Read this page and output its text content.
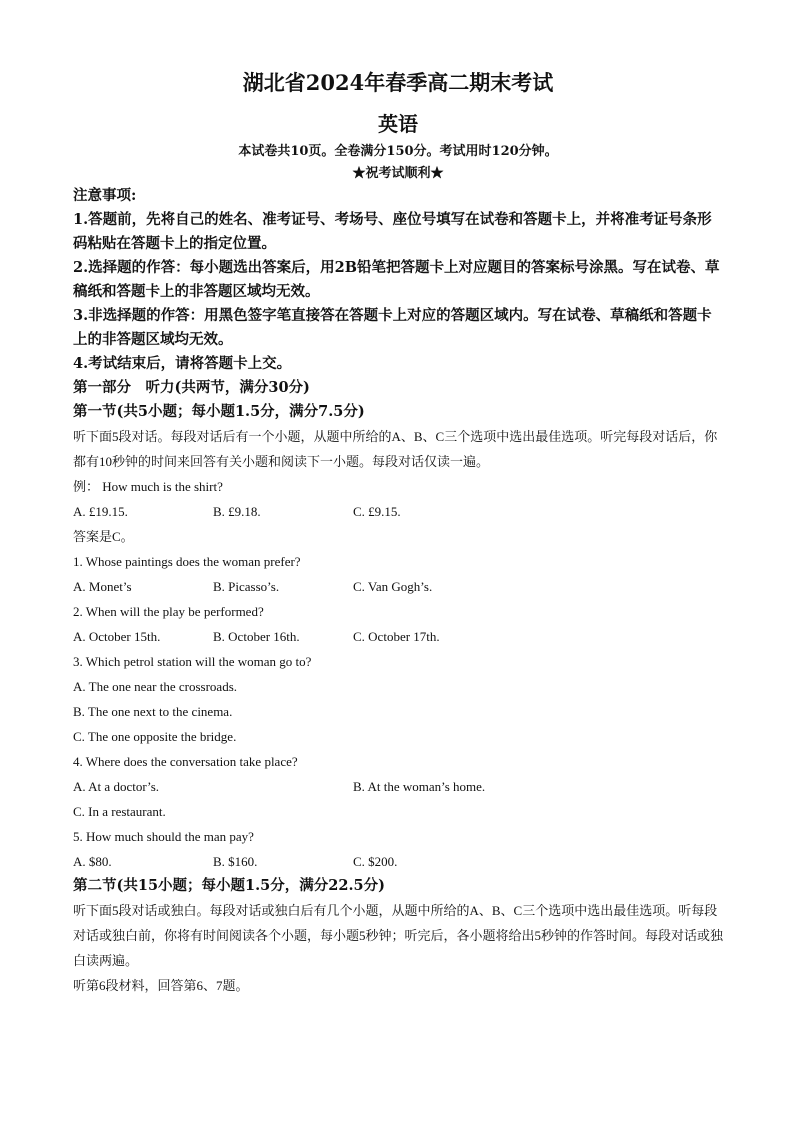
湖北省2024年春季高二期末考试

英语

本试卷共10页。全卷满分150分。考试用时120分钟。

★祝考试顺利★

注意事项:

1.答题前，先将自己的姓名、准考证号、考场号、座位号填写在试卷和答题卡上，并将准考证号条形码粘贴在答题卡上的指定位置。

2.选择题的作答：每小题选出答案后，用2B铅笔把答题卡上对应题目的答案标号涂黑。写在试卷、草稿纸和答题卡上的非答题区域均无效。

3.非选择题的作答：用黑色签字笔直接答在答题卡上对应的答题区域内。写在试卷、草稿纸和答题卡上的非答题区域均无效。

4.考试结束后，请将答题卡上交。

第一部分　听力(共两节，满分30分)

第一节(共5小题；每小题1.5分，满分7.5分)

听下面5段对话。每段对话后有一个小题，从题中所给的A、B、C三个选项中选出最佳选项。听完每段对话后，你都有10秒钟的时间来回答有关小题和阅读下一小题。每段对话仅读一遍。

例： How much is the shirt?

A. £19.15.	B. £9.18.	C. £9.15.

答案是C。

1. Whose paintings does the woman prefer?

A. Monet’s	B. Picasso’s.	C. Van Gogh’s.

2. When will the play be performed?

A. October 15th.	B. October 16th.	C. October 17th.

3. Which petrol station will the woman go to?

A. The one near the crossroads.

B. The one next to the cinema.

C. The one opposite the bridge.

4. Where does the conversation take place?

A. At a doctor’s.	B. At the woman’s home.

C. In a restaurant.

5. How much should the man pay?

A. $80.	B. $160.	C. $200.

第二节(共15小题；每小题1.5分，满分22.5分)

听下面5段对话或独白。每段对话或独白后有几个小题，从题中所给的A、B、C三个选项中选出最佳选项。听每段对话或独白前，你将有时间阅读各个小题，每小题5秒钟；听完后，各小题将给出5秒钟的作答时间。每段对话或独白读两遍。

听第6段材料，回答第6、7题。
